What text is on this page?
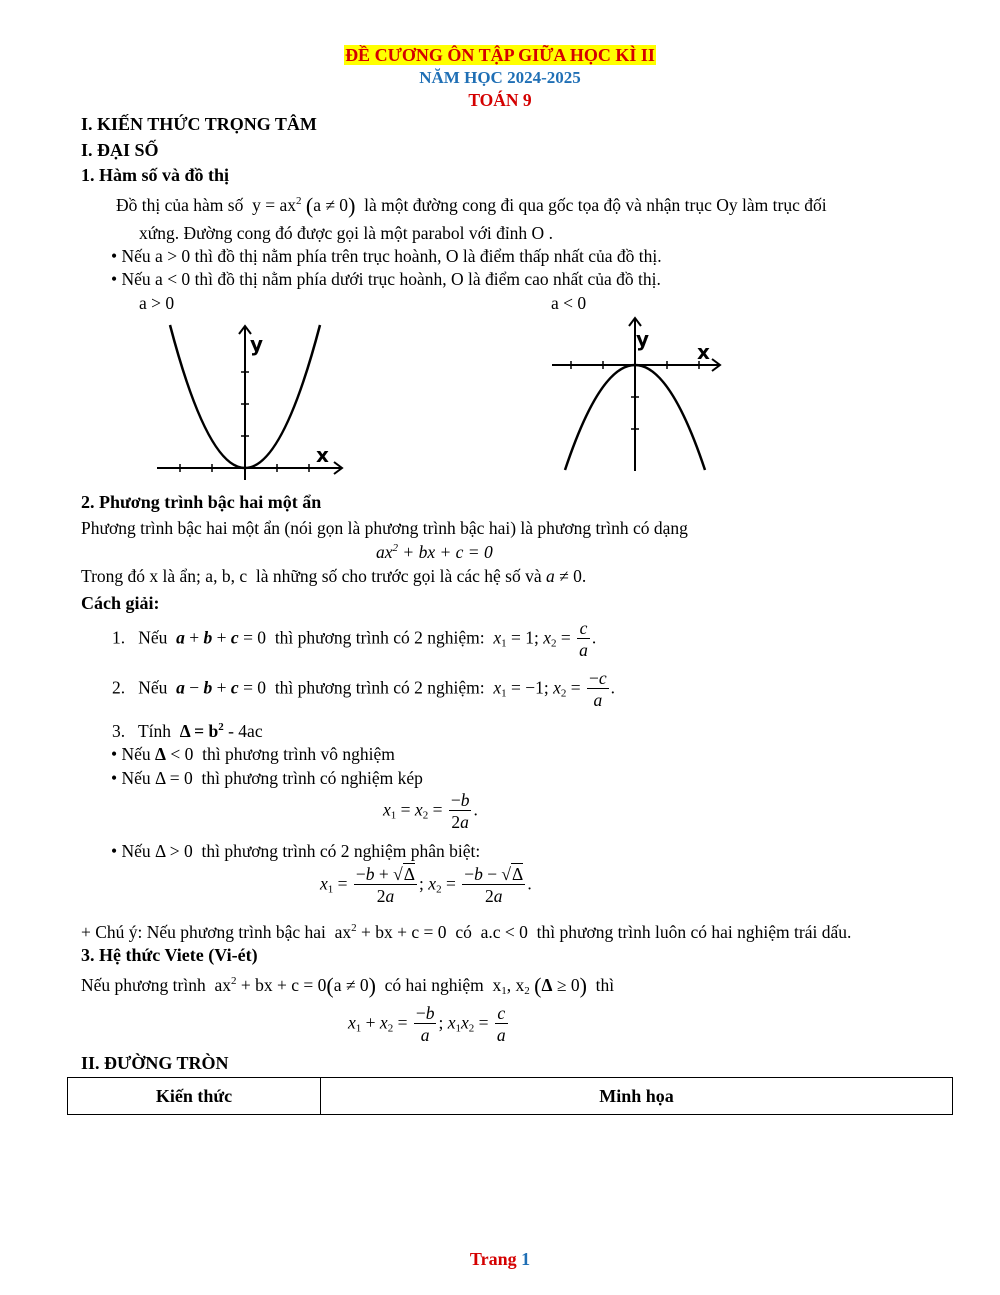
ĐỀ CƯƠNG ÔN TẬP GIỮA HỌC KÌ II
NĂM HỌC 2024-2025
TOÁN 9
I. KIẾN THỨC TRỌNG TÂM
I. ĐẠI SỐ
1. Hàm số và đồ thị
Đồ thị của hàm số  $y = ax^2$ (a ≠ 0) là một đường cong đi qua gốc tọa độ và nhận trục Oy làm trục đối
xứng. Đường cong đó được gọi là một parabol với đỉnh O .
• Nếu a > 0 thì đồ thị nằm phía trên trục hoành, O là điểm thấp nhất của đồ thị.
• Nếu a < 0 thì đồ thị nằm phía dưới trục hoành, O là điểm cao nhất của đồ thị.
a > 0	a < 0
y
x
y
x
2. Phương trình bậc hai một ẩn
Phương trình bậc hai một ẩn (nói gọn là phương trình bậc hai) là phương trình có dạng
$ax^2$ + bx + c = 0
Trong đó x là ẩn; a, b, c  là những số cho trước gọi là các hệ số và a ≠ 0.
Cách giải:
1. Nếu a + b + c = 0  thì phương trình có 2 nghiệm: $x_1 = 1$; $x_2 = \frac{c}{a}$ .
2. Nếu a − b + c = 0  thì phương trình có 2 nghiệm: $x_1 = -1$; $x_2 = \frac{-c}{a}$ .
3. Tính $\Delta = b^2 - 4ac$
• Nếu Δ < 0  thì phương trình vô nghiệm
• Nếu Δ = 0  thì phương trình có nghiệm kép
$x_1 = x_2 = \frac{-b}{2a}$ .
• Nếu Δ > 0  thì phương trình có 2 nghiệm phân biệt:
$x_1 = \frac{-b + √\Delta}{2a}$ ; $x_2 = \frac{-b - √\Delta}{2a}$ .
+ Chú ý: Nếu phương trình bậc hai  $ax^2$ + bx + c = 0  có  a.c < 0  thì phương trình luôn có hai nghiệm trái dấu.
3. Hệ thức Viete (Vi-ét)
Nếu phương trình  $ax^2$ + bx + c = 0(a ≠ 0) có hai nghiệm  $x_1$, $x_2$ (Δ ≥ 0) thì
$x_1 + x_2 = \frac{-b}{a}$ ; $x_1x_2 = \frac{c}{a}$
II. ĐƯỜNG TRÒN
Kiến thức	Minh họa
Trang 1
